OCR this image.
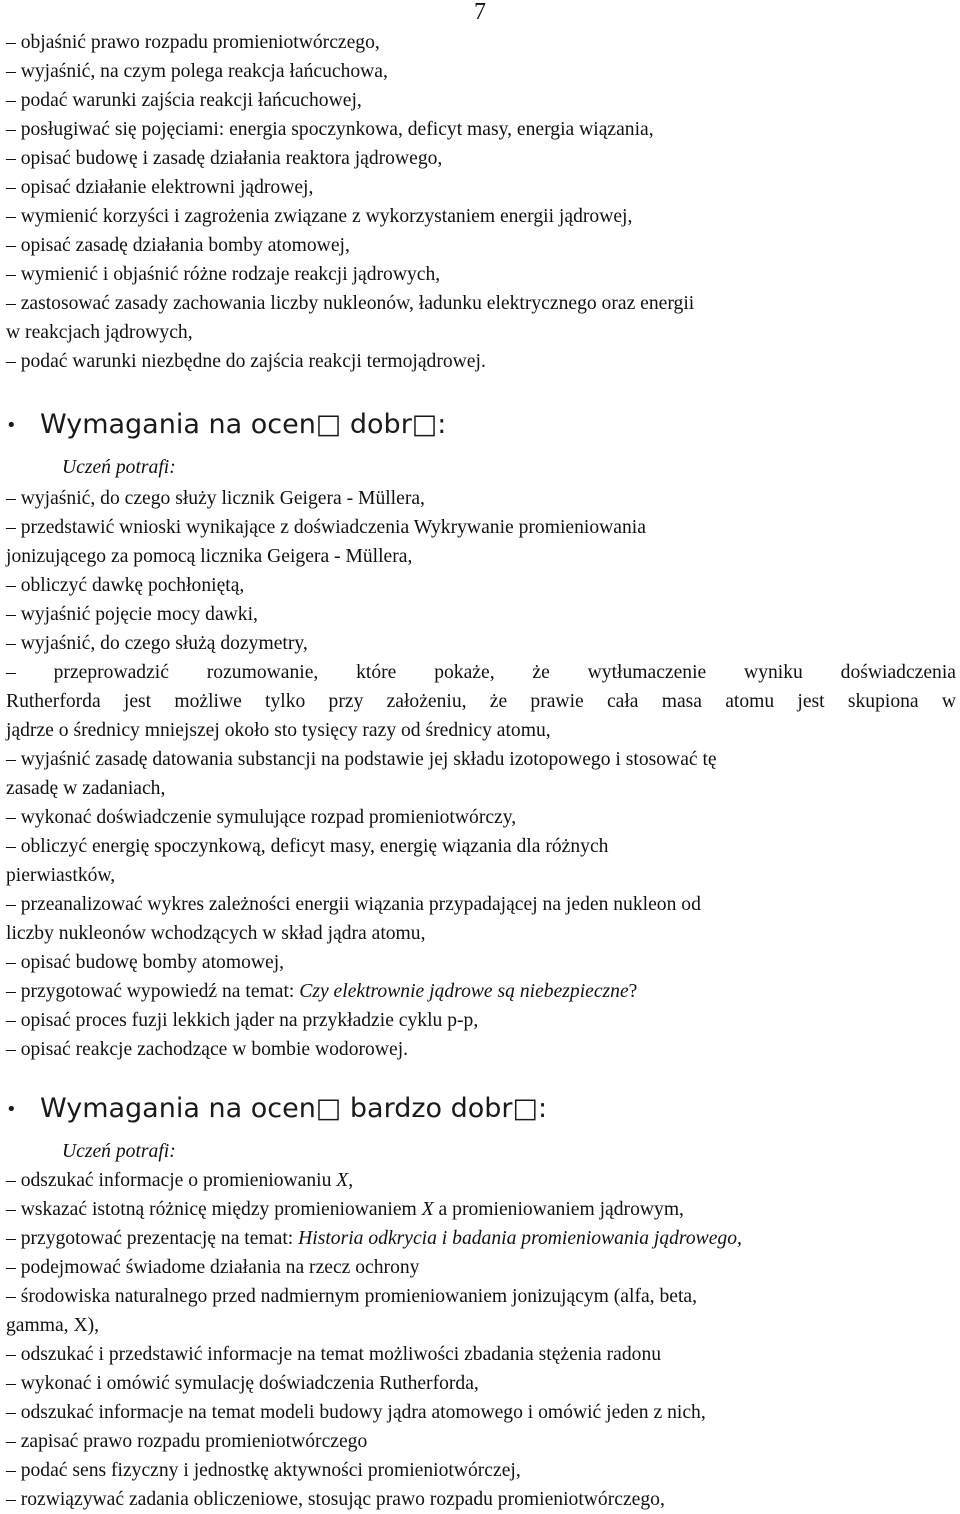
7
– objaśnić prawo rozpadu promieniotwórczego,
– wyjaśnić, na czym polega reakcja łańcuchowa,
– podać warunki zajścia reakcji łańcuchowej,
– posługiwać się pojęciami: energia spoczynkowa, deficyt masy, energia wiązania,
– opisać budowę i zasadę działania reaktora jądrowego,
– opisać działanie elektrowni jądrowej,
– wymienić korzyści i zagrożenia związane z wykorzystaniem energii jądrowej,
– opisać zasadę działania bomby atomowej,
– wymienić i objaśnić różne rodzaje reakcji jądrowych,
– zastosować zasady zachowania liczby nukleonów, ładunku elektrycznego oraz energii
w reakcjach jądrowych,
– podać warunki niezbędne do zajścia reakcji termojądrowej.
• Wymagania na ocen□ dobr□:
Uczeń potrafi:
– wyjaśnić, do czego służy licznik Geigera - Müllera,
– przedstawić wnioski wynikające z doświadczenia Wykrywanie promieniowania
jonizującego za pomocą licznika Geigera - Müllera,
– obliczyć dawkę pochłoniętą,
– wyjaśnić pojęcie mocy dawki,
– wyjaśnić, do czego służą dozymetry,
– przeprowadzić rozumowanie, które pokaże, że wytłumaczenie wyniku doświadczenia
Rutherforda jest możliwe tylko przy założeniu, że prawie cała masa atomu jest skupiona w
jądrze o średnicy mniejszej około sto tysięcy razy od średnicy atomu,
– wyjaśnić zasadę datowania substancji na podstawie jej składu izotopowego i stosować tę
zasadę w zadaniach,
– wykonać doświadczenie symulujące rozpad promieniotwórczy,
– obliczyć energię spoczynkową, deficyt masy, energię wiązania dla różnych
pierwiastków,
– przeanalizować wykres zależności energii wiązania przypadającej na jeden nukleon od
liczby nukleonów wchodzących w skład jądra atomu,
– opisać budowę bomby atomowej,
– przygotować wypowiedź na temat: Czy elektrownie jądrowe są niebezpieczne?
– opisać proces fuzji lekkich jąder na przykładzie cyklu p-p,
– opisać reakcje zachodzące w bombie wodorowej.
• Wymagania na ocen□ bardzo dobr□:
Uczeń potrafi:
– odszukać informacje o promieniowaniu X,
– wskazać istotną różnicę między promieniowaniem X a promieniowaniem jądrowym,
– przygotować prezentację na temat: Historia odkrycia i badania promieniowania jądrowego,
– podejmować świadome działania na rzecz ochrony
– środowiska naturalnego przed nadmiernym promieniowaniem jonizującym (alfa, beta,
gamma, X),
– odszukać i przedstawić informacje na temat możliwości zbadania stężenia radonu
– wykonać i omówić symulację doświadczenia Rutherforda,
– odszukać informacje na temat modeli budowy jądra atomowego i omówić jeden z nich,
– zapisać prawo rozpadu promieniotwórczego
– podać sens fizyczny i jednostkę aktywności promieniotwórczej,
– rozwiązywać zadania obliczeniowe, stosując prawo rozpadu promieniotwórczego,
